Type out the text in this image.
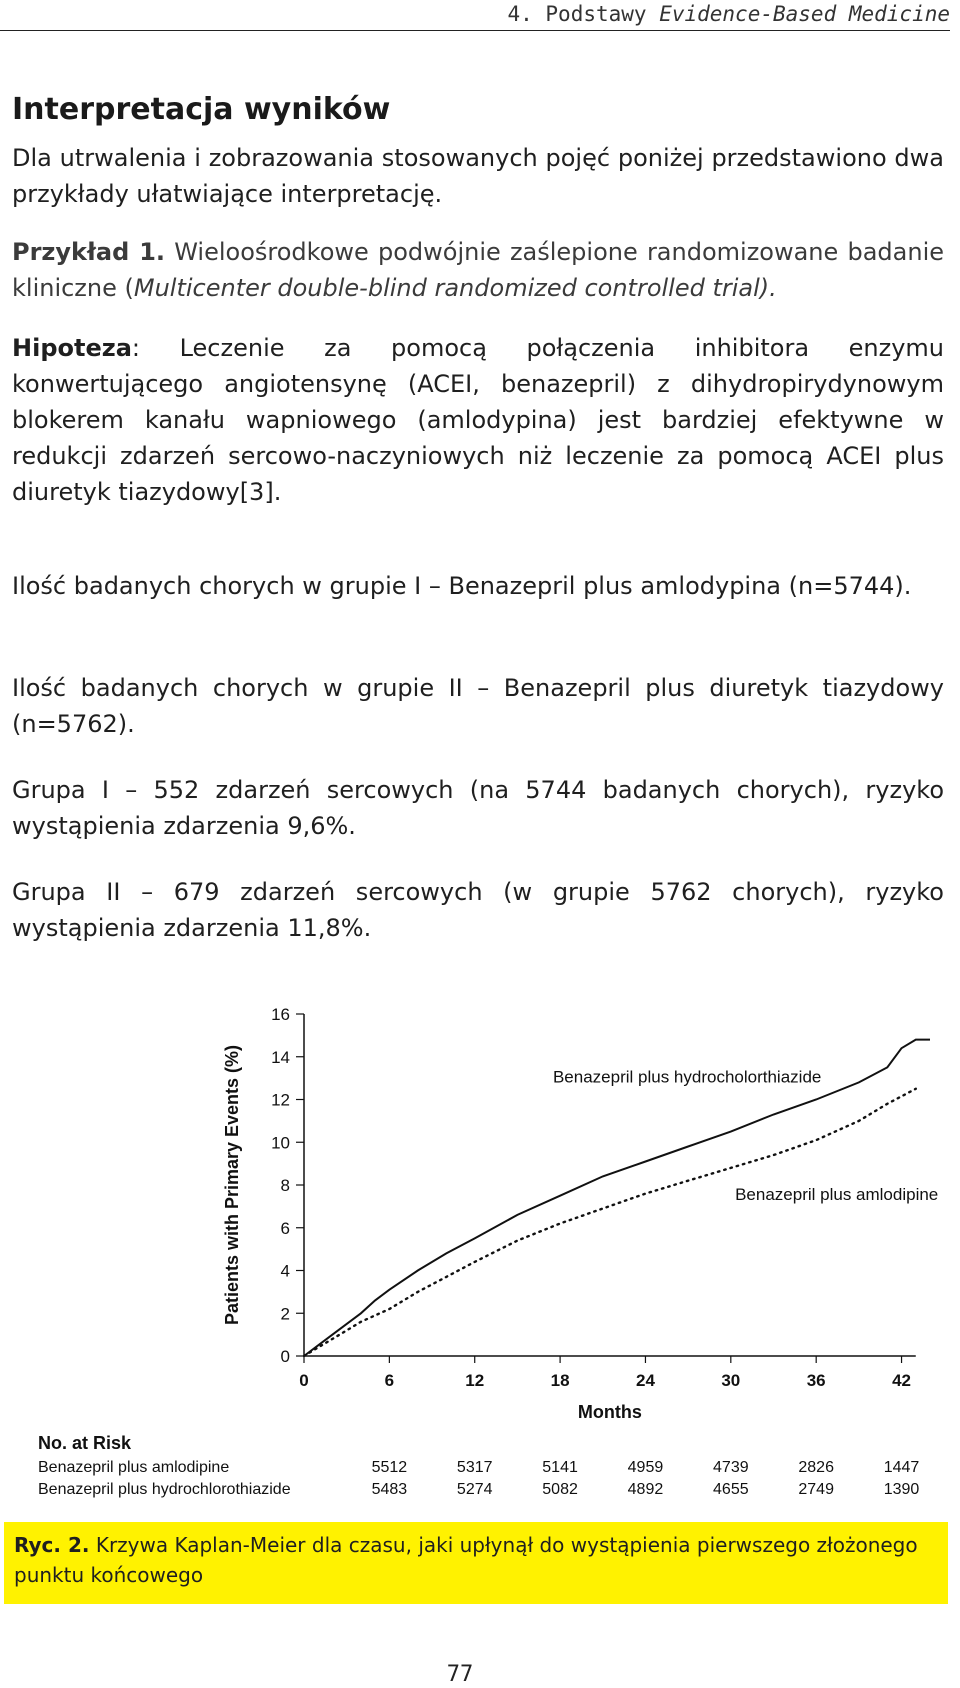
4. Podstawy Evidence-Based Medicine
Interpretacja wyników

Dla utrwalenia i zobrazowania stosowanych pojęć poniżej przedstawiono dwa przykłady ułatwiające interpretację.

Przykład 1. Wieloośrodkowe podwójnie zaślepione randomizowane badanie kliniczne (Multicenter double-blind randomized controlled trial).

Hipoteza: Leczenie za pomocą połączenia inhibitora enzymu konwertującego angiotensynę (ACEI, benazepril) z dihydropirydynowym blokerem kanału wapniowego (amlodypina) jest bardziej efektywne w redukcji zdarzeń sercowo-naczyniowych niż leczenie za pomocą ACEI plus diuretyk tiazydowy[3].

Ilość badanych chorych w grupie I – Benazepril plus amlodypina (n=5744).

Ilość badanych chorych w grupie II – Benazepril plus diuretyk tiazydowy (n=5762).

Grupa I – 552 zdarzeń sercowych (na 5744 badanych chorych), ryzyko wystąpienia zdarzenia 9,6%.

Grupa II – 679 zdarzeń sercowych (w grupie 5762 chorych), ryzyko wystąpienia zdarzenia 11,8%.

0
2
4
6
8
10
12
14
16
0	6	12	18	24	30	36	42
Months
Patients with Primary Events (%)	Benazepril plus hydrocholorthiazide
Benazepril plus amlodipine
No. at Risk
Benazepril plus amlodipine	5512	5317	5141	4959	4739	2826	1447
Benazepril plus hydrochlorothiazide	5483	5274	5082	4892	4655	2749	1390
Ryc. 2. Krzywa Kaplan-Meier dla czasu, jaki upłynął do wystąpienia pierwszego złożonego punktu końcowego
77
